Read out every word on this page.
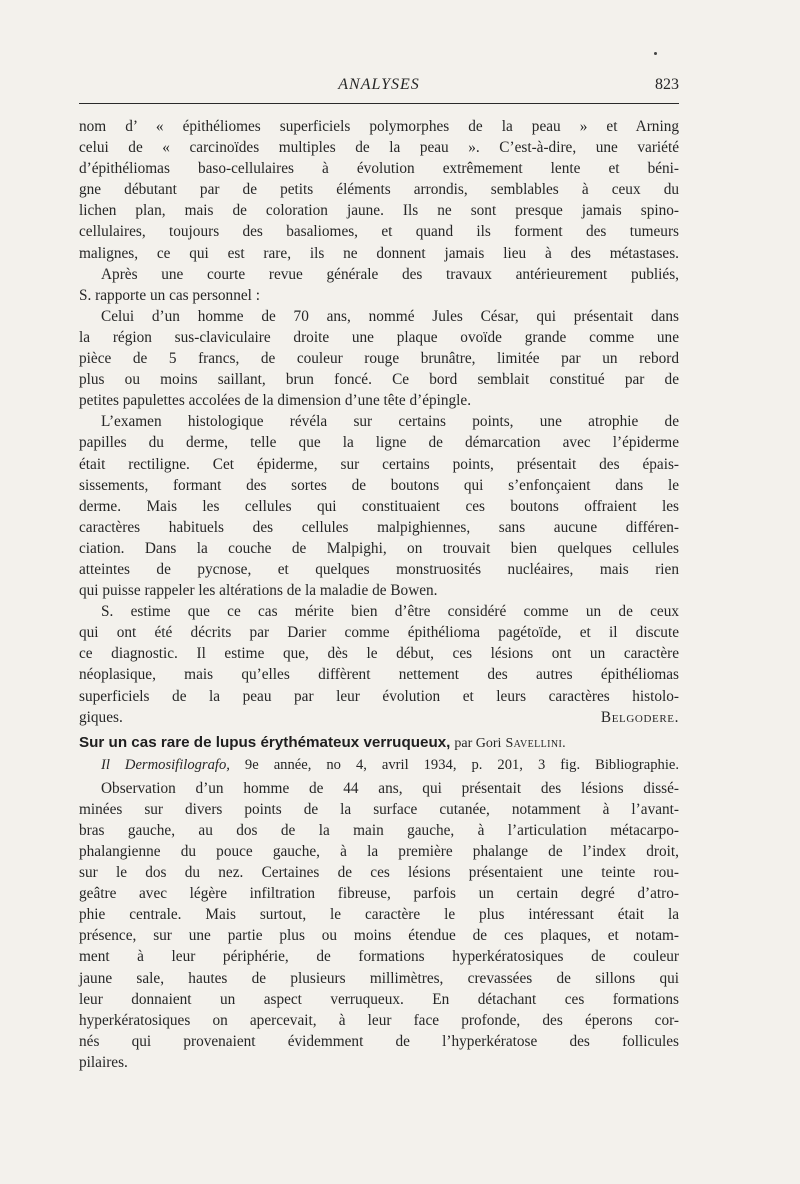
ANALYSES	823
nom d’ « épithéliomes superficiels polymorphes de la peau » et Arning
celui de « carcinoïdes multiples de la peau ». C’est-à-dire, une variété
d’épithéliomas baso-cellulaires à évolution extrêmement lente et béni-
gne débutant par de petits éléments arrondis, semblables à ceux du
lichen plan, mais de coloration jaune. Ils ne sont presque jamais spino-
cellulaires, toujours des basaliomes, et quand ils forment des tumeurs
malignes, ce qui est rare, ils ne donnent jamais lieu à des métastases.
Après une courte revue générale des travaux antérieurement publiés,
S. rapporte un cas personnel :
Celui d’un homme de 70 ans, nommé Jules César, qui présentait dans
la région sus-claviculaire droite une plaque ovoïde grande comme une
pièce de 5 francs, de couleur rouge brunâtre, limitée par un rebord
plus ou moins saillant, brun foncé. Ce bord semblait constitué par de
petites papulettes accolées de la dimension d’une tête d’épingle.
L’examen histologique révéla sur certains points, une atrophie de
papilles du derme, telle que la ligne de démarcation avec l’épiderme
était rectiligne. Cet épiderme, sur certains points, présentait des épais-
sissements, formant des sortes de boutons qui s’enfonçaient dans le
derme. Mais les cellules qui constituaient ces boutons offraient les
caractères habituels des cellules malpighiennes, sans aucune différen-
ciation. Dans la couche de Malpighi, on trouvait bien quelques cellules
atteintes de pycnose, et quelques monstruosités nucléaires, mais rien
qui puisse rappeler les altérations de la maladie de Bowen.
S. estime que ce cas mérite bien d’être considéré comme un de ceux
qui ont été décrits par Darier comme épithélioma pagétoïde, et il discute
ce diagnostic. Il estime que, dès le début, ces lésions ont un caractère
néoplasique, mais qu’elles diffèrent nettement des autres épithéliomas
superficiels de la peau par leur évolution et leurs caractères histolo-
giques.	Belgodere.
Sur un cas rare de lupus érythémateux verruqueux, par Gori Savellini.
Il Dermosifilografo, 9e année, no 4, avril 1934, p. 201, 3 fig. Bibliographie.
Observation d’un homme de 44 ans, qui présentait des lésions dissé-
minées sur divers points de la surface cutanée, notamment à l’avant-
bras gauche, au dos de la main gauche, à l’articulation métacarpo-
phalangienne du pouce gauche, à la première phalange de l’index droit,
sur le dos du nez. Certaines de ces lésions présentaient une teinte rou-
geâtre avec légère infiltration fibreuse, parfois un certain degré d’atro-
phie centrale. Mais surtout, le caractère le plus intéressant était la
présence, sur une partie plus ou moins étendue de ces plaques, et notam-
ment à leur périphérie, de formations hyperkératosiques de couleur
jaune sale, hautes de plusieurs millimètres, crevassées de sillons qui
leur donnaient un aspect verruqueux. En détachant ces formations
hyperkératosiques on apercevait, à leur face profonde, des éperons cor-
nés qui provenaient évidemment de l’hyperkératose des follicules
pilaires.
